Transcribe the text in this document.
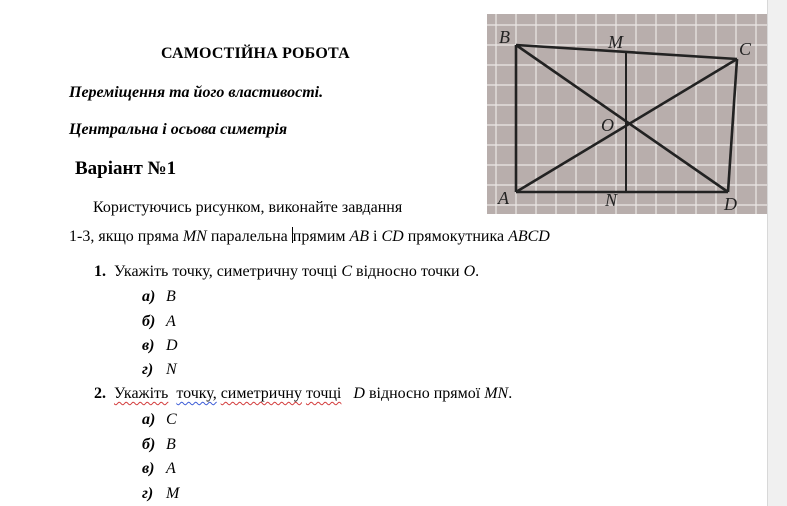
САМОСТІЙНА РОБОТА
Переміщення та його властивості.
Центральна і осьова симетрія
Варіант №1
Користуючись рисунком, виконайте завдання
1-3, якщо пряма MN паралельна прямим AB і CD прямокутника ABCD
1. Укажіть точку, симетричну точці C відносно точки O.
а) B
б) A
в) D
г) N
2. Укажіть точку, симетричну точці D відносно прямої MN.
а) C
б) B
в) A
г) M
B	M	C
O
A	N	D
